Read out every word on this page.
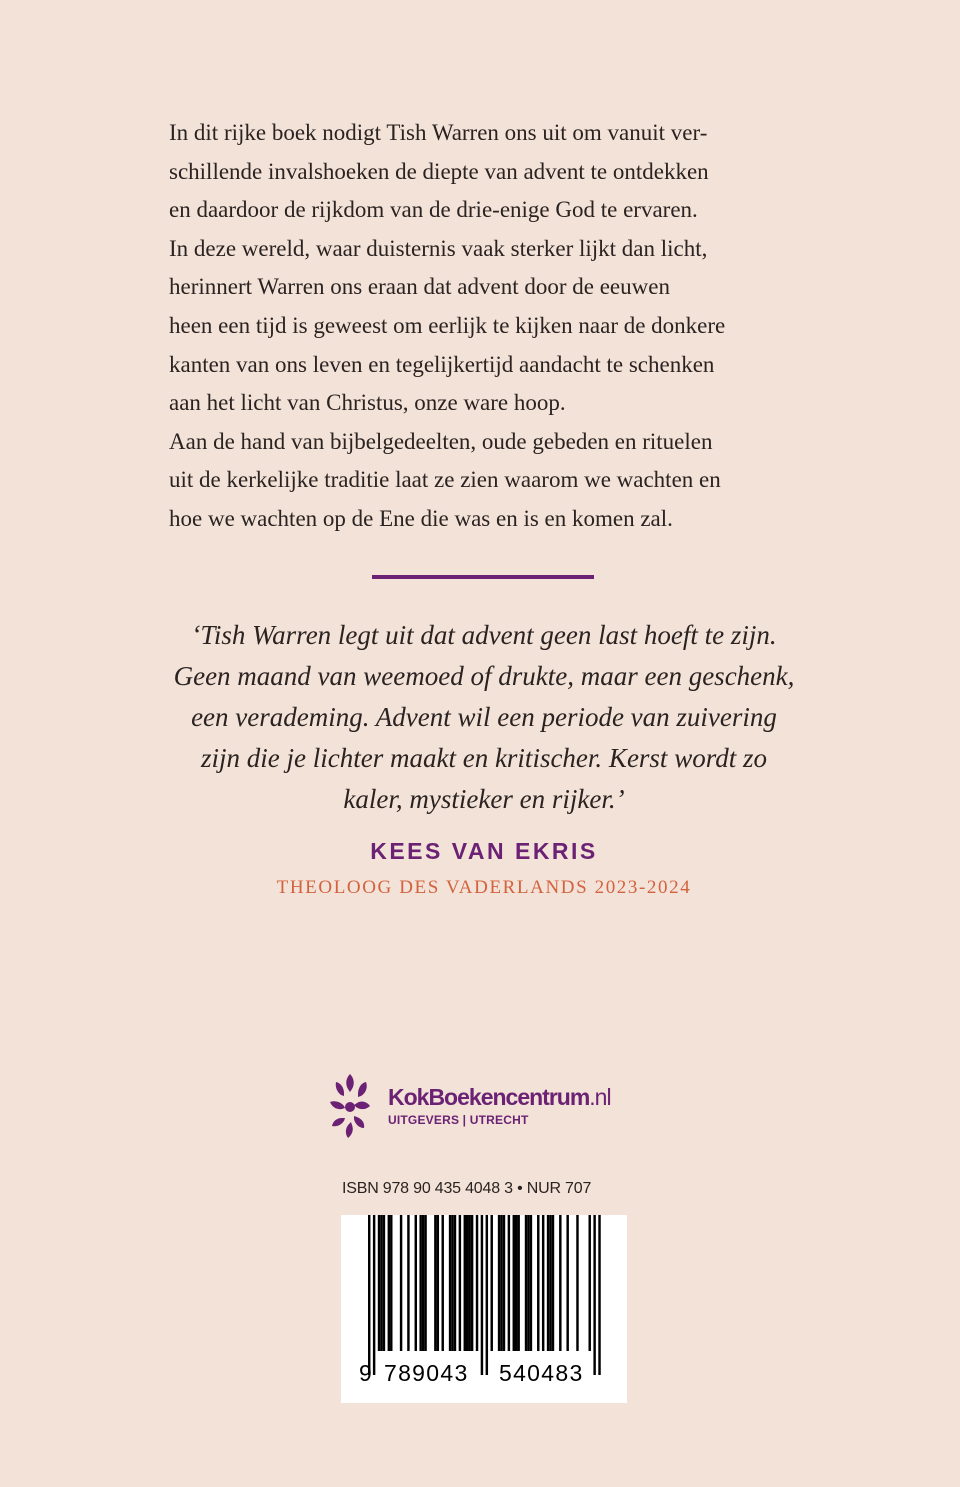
In dit rijke boek nodigt Tish Warren ons uit om vanuit ver-

schillende invalshoeken de diepte van advent te ontdekken

en daardoor de rijkdom van de drie-enige God te ervaren.

In deze wereld, waar duisternis vaak sterker lijkt dan licht,

herinnert Warren ons eraan dat advent door de eeuwen

heen een tijd is geweest om eerlijk te kijken naar de donkere

kanten van ons leven en tegelijkertijd aandacht te schenken

aan het licht van Christus, onze ware hoop.

Aan de hand van bijbelgedeelten, oude gebeden en rituelen

uit de kerkelijke traditie laat ze zien waarom we wachten en

hoe we wachten op de Ene die was en is en komen zal.

‘Tish Warren legt uit dat advent geen last hoeft te zijn.

Geen maand van weemoed of drukte, maar een geschenk,

een verademing. Advent wil een periode van zuivering

zijn die je lichter maakt en kritischer. Kerst wordt zo

kaler, mystieker en rijker.’

KEES VAN EKRIS
THEOLOOG DES VADERLANDS 2023-2024
KokBoekencentrum.nl
UITGEVERS | UTRECHT
ISBN 978 90 435 4048 3 • NUR 707
9 789043 540483
